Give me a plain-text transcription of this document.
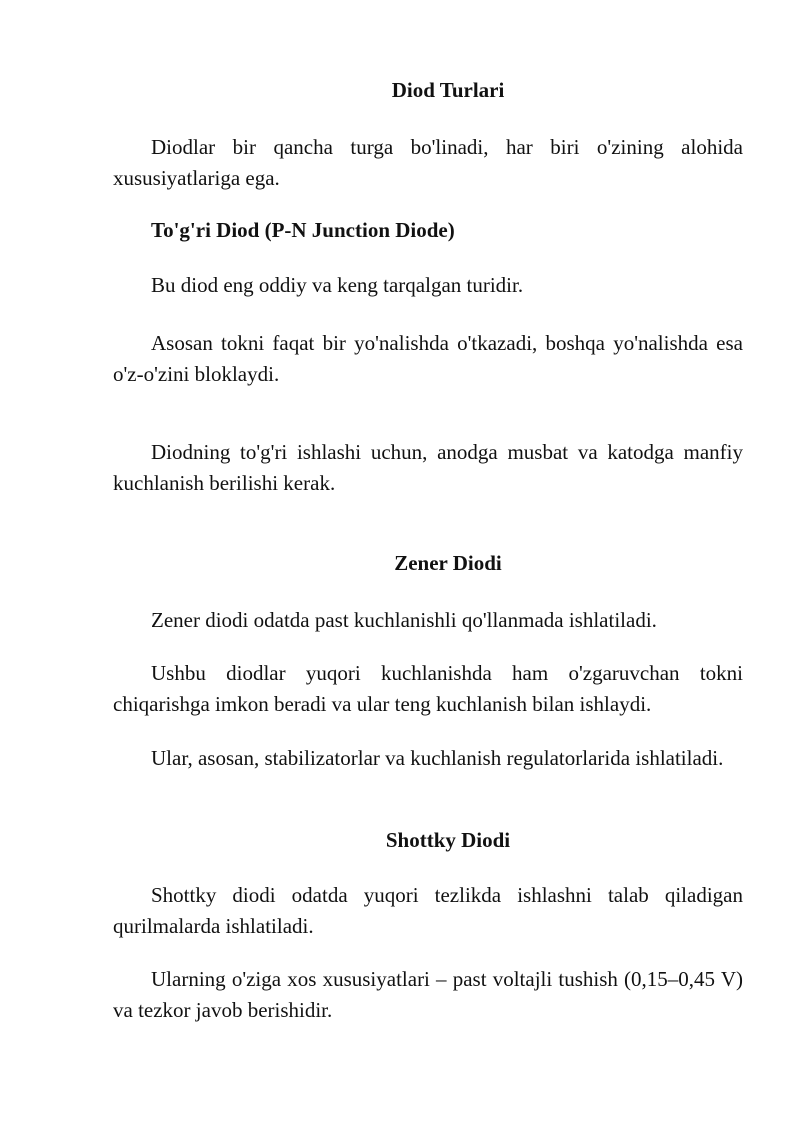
Diod Turlari

Diodlar bir qancha turga bo'linadi, har biri o'zining alohida xususiyatlariga ega.

To'g'ri Diod (P-N Junction Diode)

Bu diod eng oddiy va keng tarqalgan turidir.

Asosan tokni faqat bir yo'nalishda o'tkazadi, boshqa yo'nalishda esa o'z-o'zini bloklaydi.

Diodning to'g'ri ishlashi uchun, anodga musbat va katodga manfiy kuchlanish berilishi kerak.

Zener Diodi

Zener diodi odatda past kuchlanishli qo'llanmada ishlatiladi.

Ushbu diodlar yuqori kuchlanishda ham o'zgaruvchan tokni chiqarishga imkon beradi va ular teng kuchlanish bilan ishlaydi.

Ular, asosan, stabilizatorlar va kuchlanish regulatorlarida ishlatiladi.

Shottky Diodi

Shottky diodi odatda yuqori tezlikda ishlashni talab qiladigan qurilmalarda ishlatiladi.

Ularning o'ziga xos xususiyatlari – past voltajli tushish (0,15–0,45 V) va tezkor javob berishidir.
